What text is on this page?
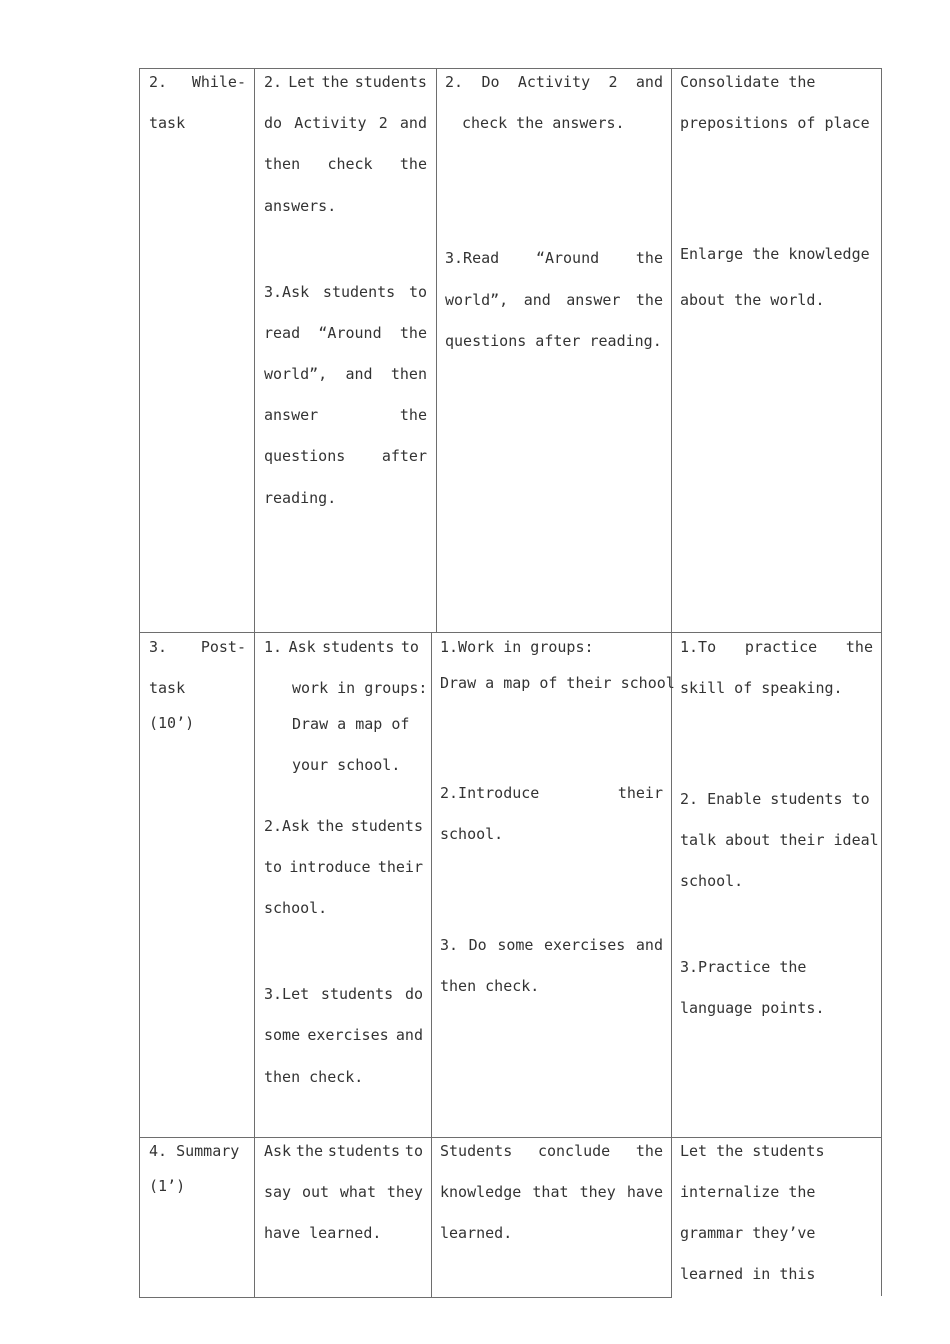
2. While-
task
2. Let the students
do Activity 2 and
then check the
answers.
3.Ask students to
read “Around the
world”, and then
answer	the
questions after
reading.
2. Do Activity 2 and
check the answers.
3.Read “Around the
world”, and answer the
questions after reading.
Consolidate the
prepositions of place
Enlarge the knowledge
about the world.
3. Post-
task
(10’)
1. Ask students to
work in groups:
Draw a map of
your school.
2.Ask the students
to introduce their
school.
3.Let students do
some exercises and
then check.
1.Work in groups:
Draw a map of their school
2.Introduce	their
school.
3. Do some exercises and
then check.
1.To practice the
skill of speaking.
2. Enable students to
talk about their ideal
school.
3.Practice the
language points.
4. Summary
(1’)
Ask the students to
say out what they
have learned.
Students conclude the
knowledge that they have
learned.
Let the students
internalize the
grammar they’ve
learned in this
